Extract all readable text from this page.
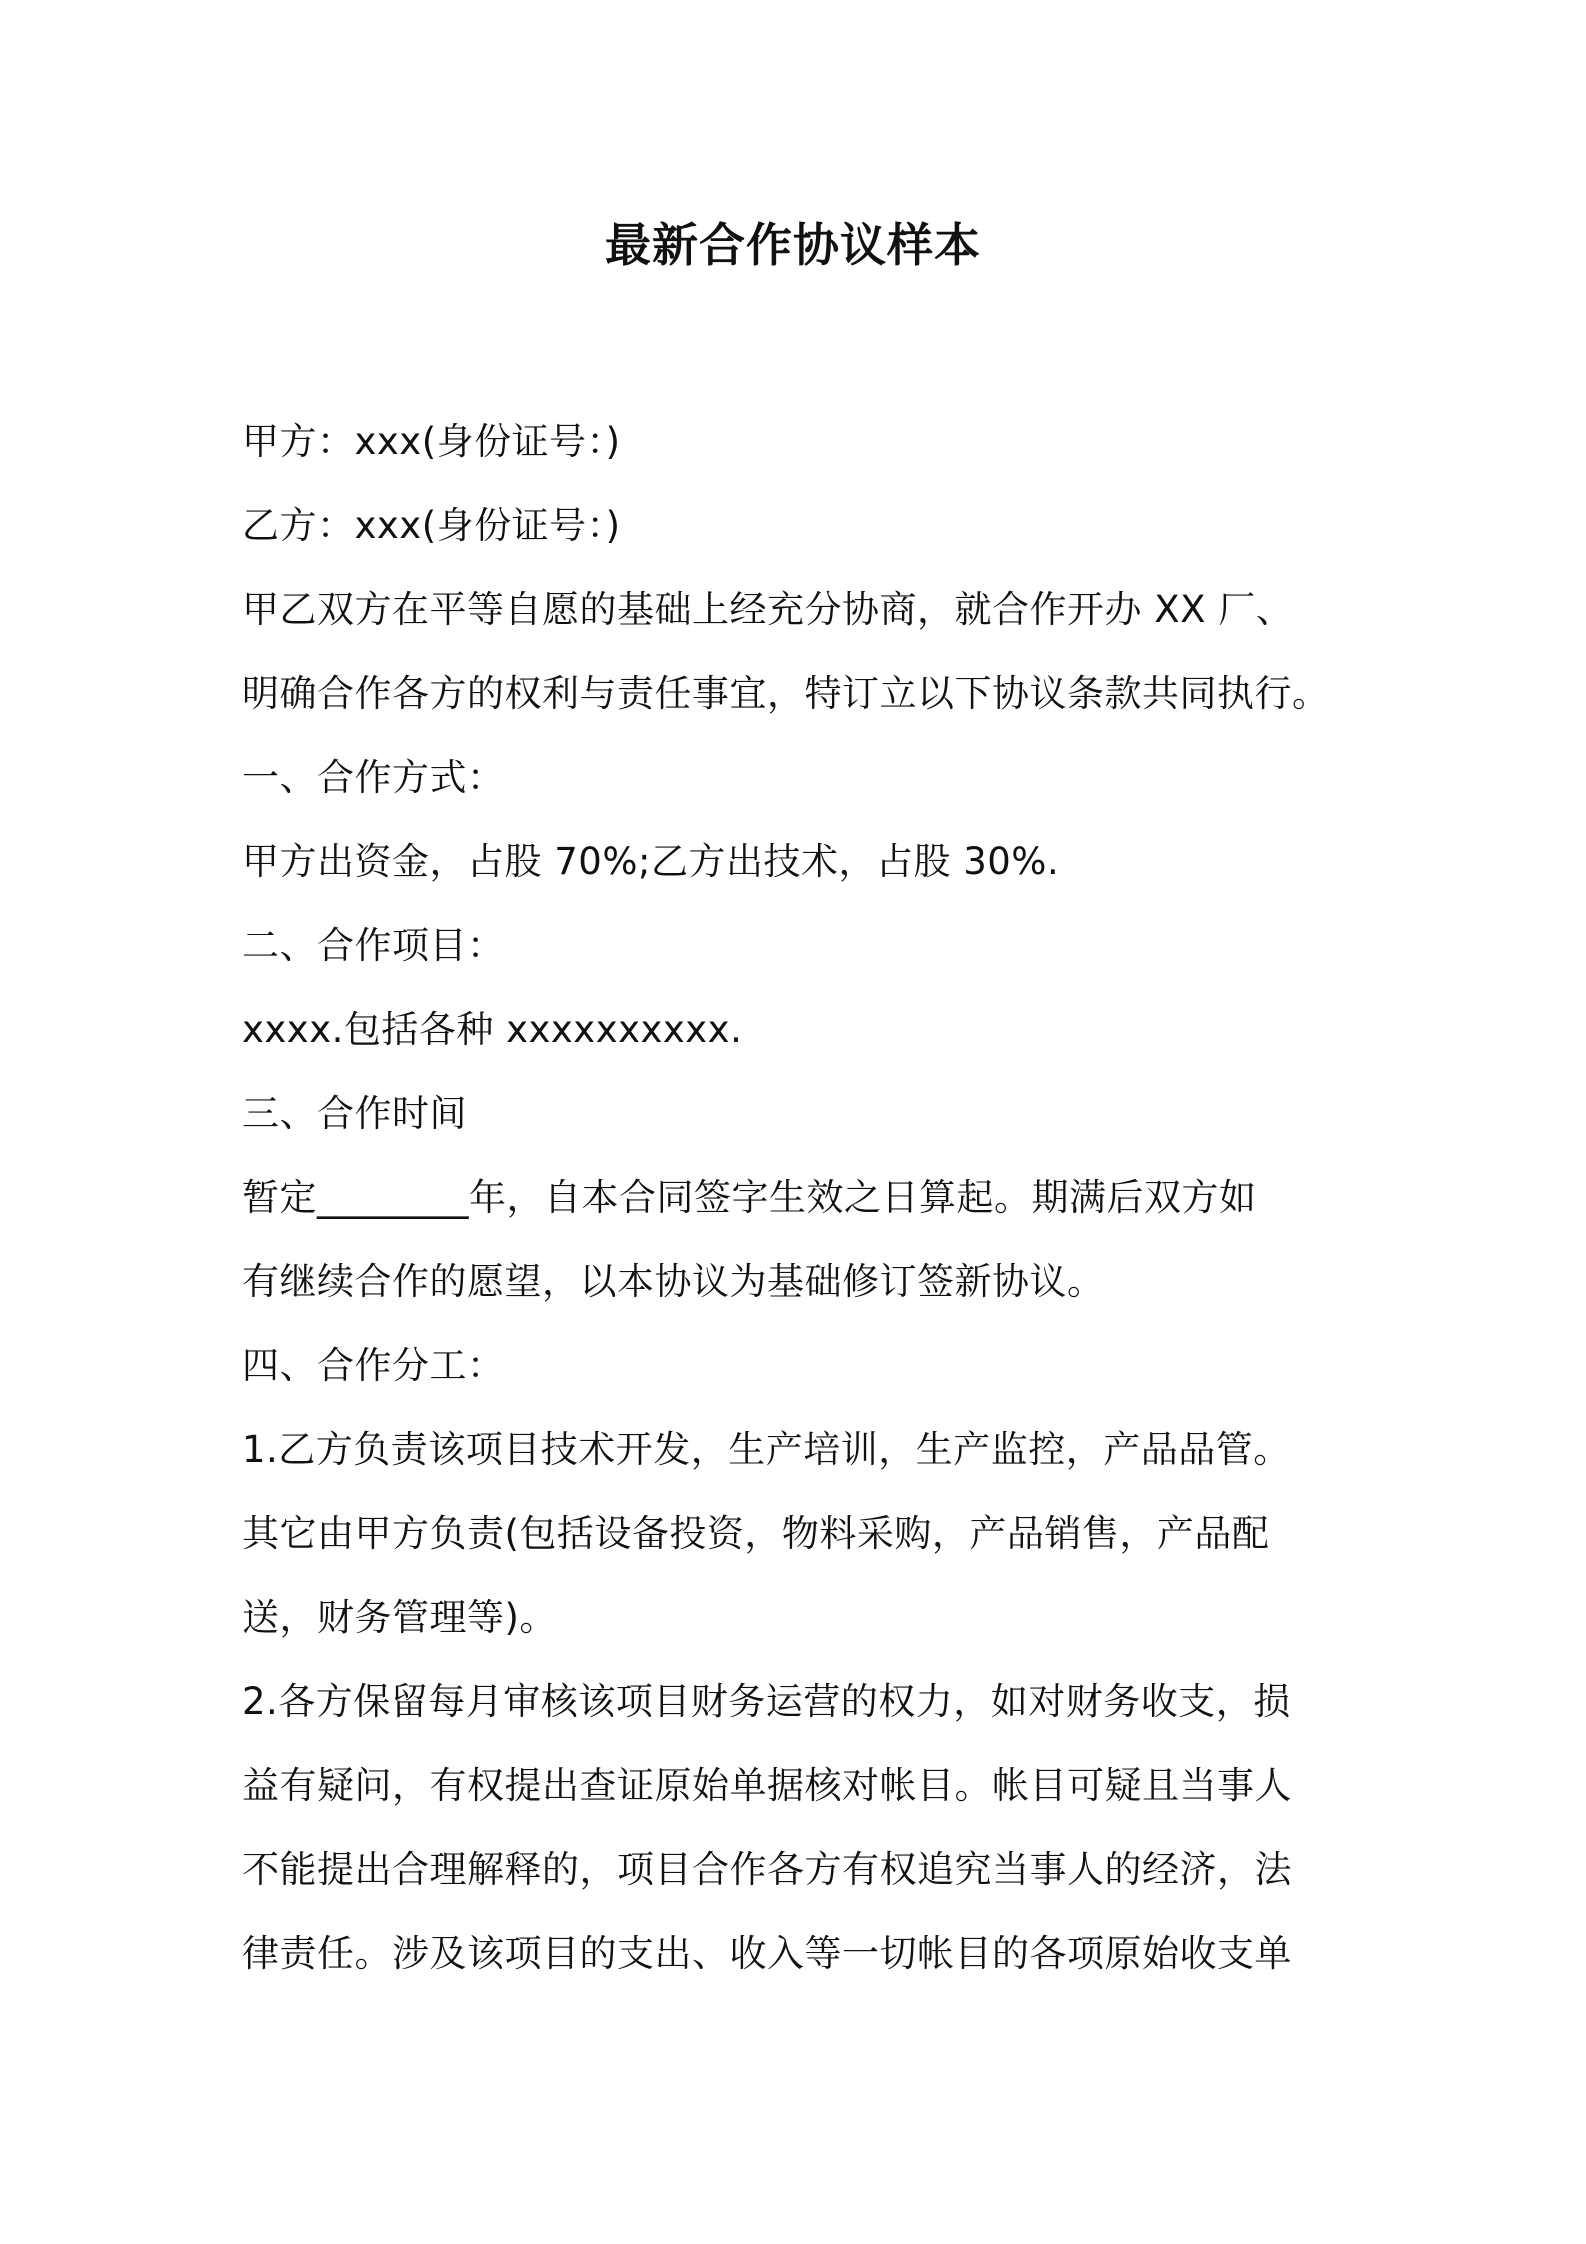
最新合作协议样本

甲方：xxx(身份证号：)

乙方：xxx(身份证号：)

甲乙双方在平等自愿的基础上经充分协商，就合作开办 XX 厂、

明确合作各方的权利与责任事宜，特订立以下协议条款共同执行。

一、合作方式：

甲方出资金，占股 70%;乙方出技术，占股 30%.

二、合作项目：

xxxx.包括各种 xxxxxxxxxx.

三、合作时间

暂定________年，自本合同签字生效之日算起。期满后双方如

有继续合作的愿望，以本协议为基础修订签新协议。

四、合作分工：

1.乙方负责该项目技术开发，生产培训，生产监控，产品品管。

其它由甲方负责(包括设备投资，物料采购，产品销售，产品配

送，财务管理等)。

2.各方保留每月审核该项目财务运营的权力，如对财务收支，损

益有疑问，有权提出查证原始单据核对帐目。帐目可疑且当事人

不能提出合理解释的，项目合作各方有权追究当事人的经济，法

律责任。涉及该项目的支出、收入等一切帐目的各项原始收支单
